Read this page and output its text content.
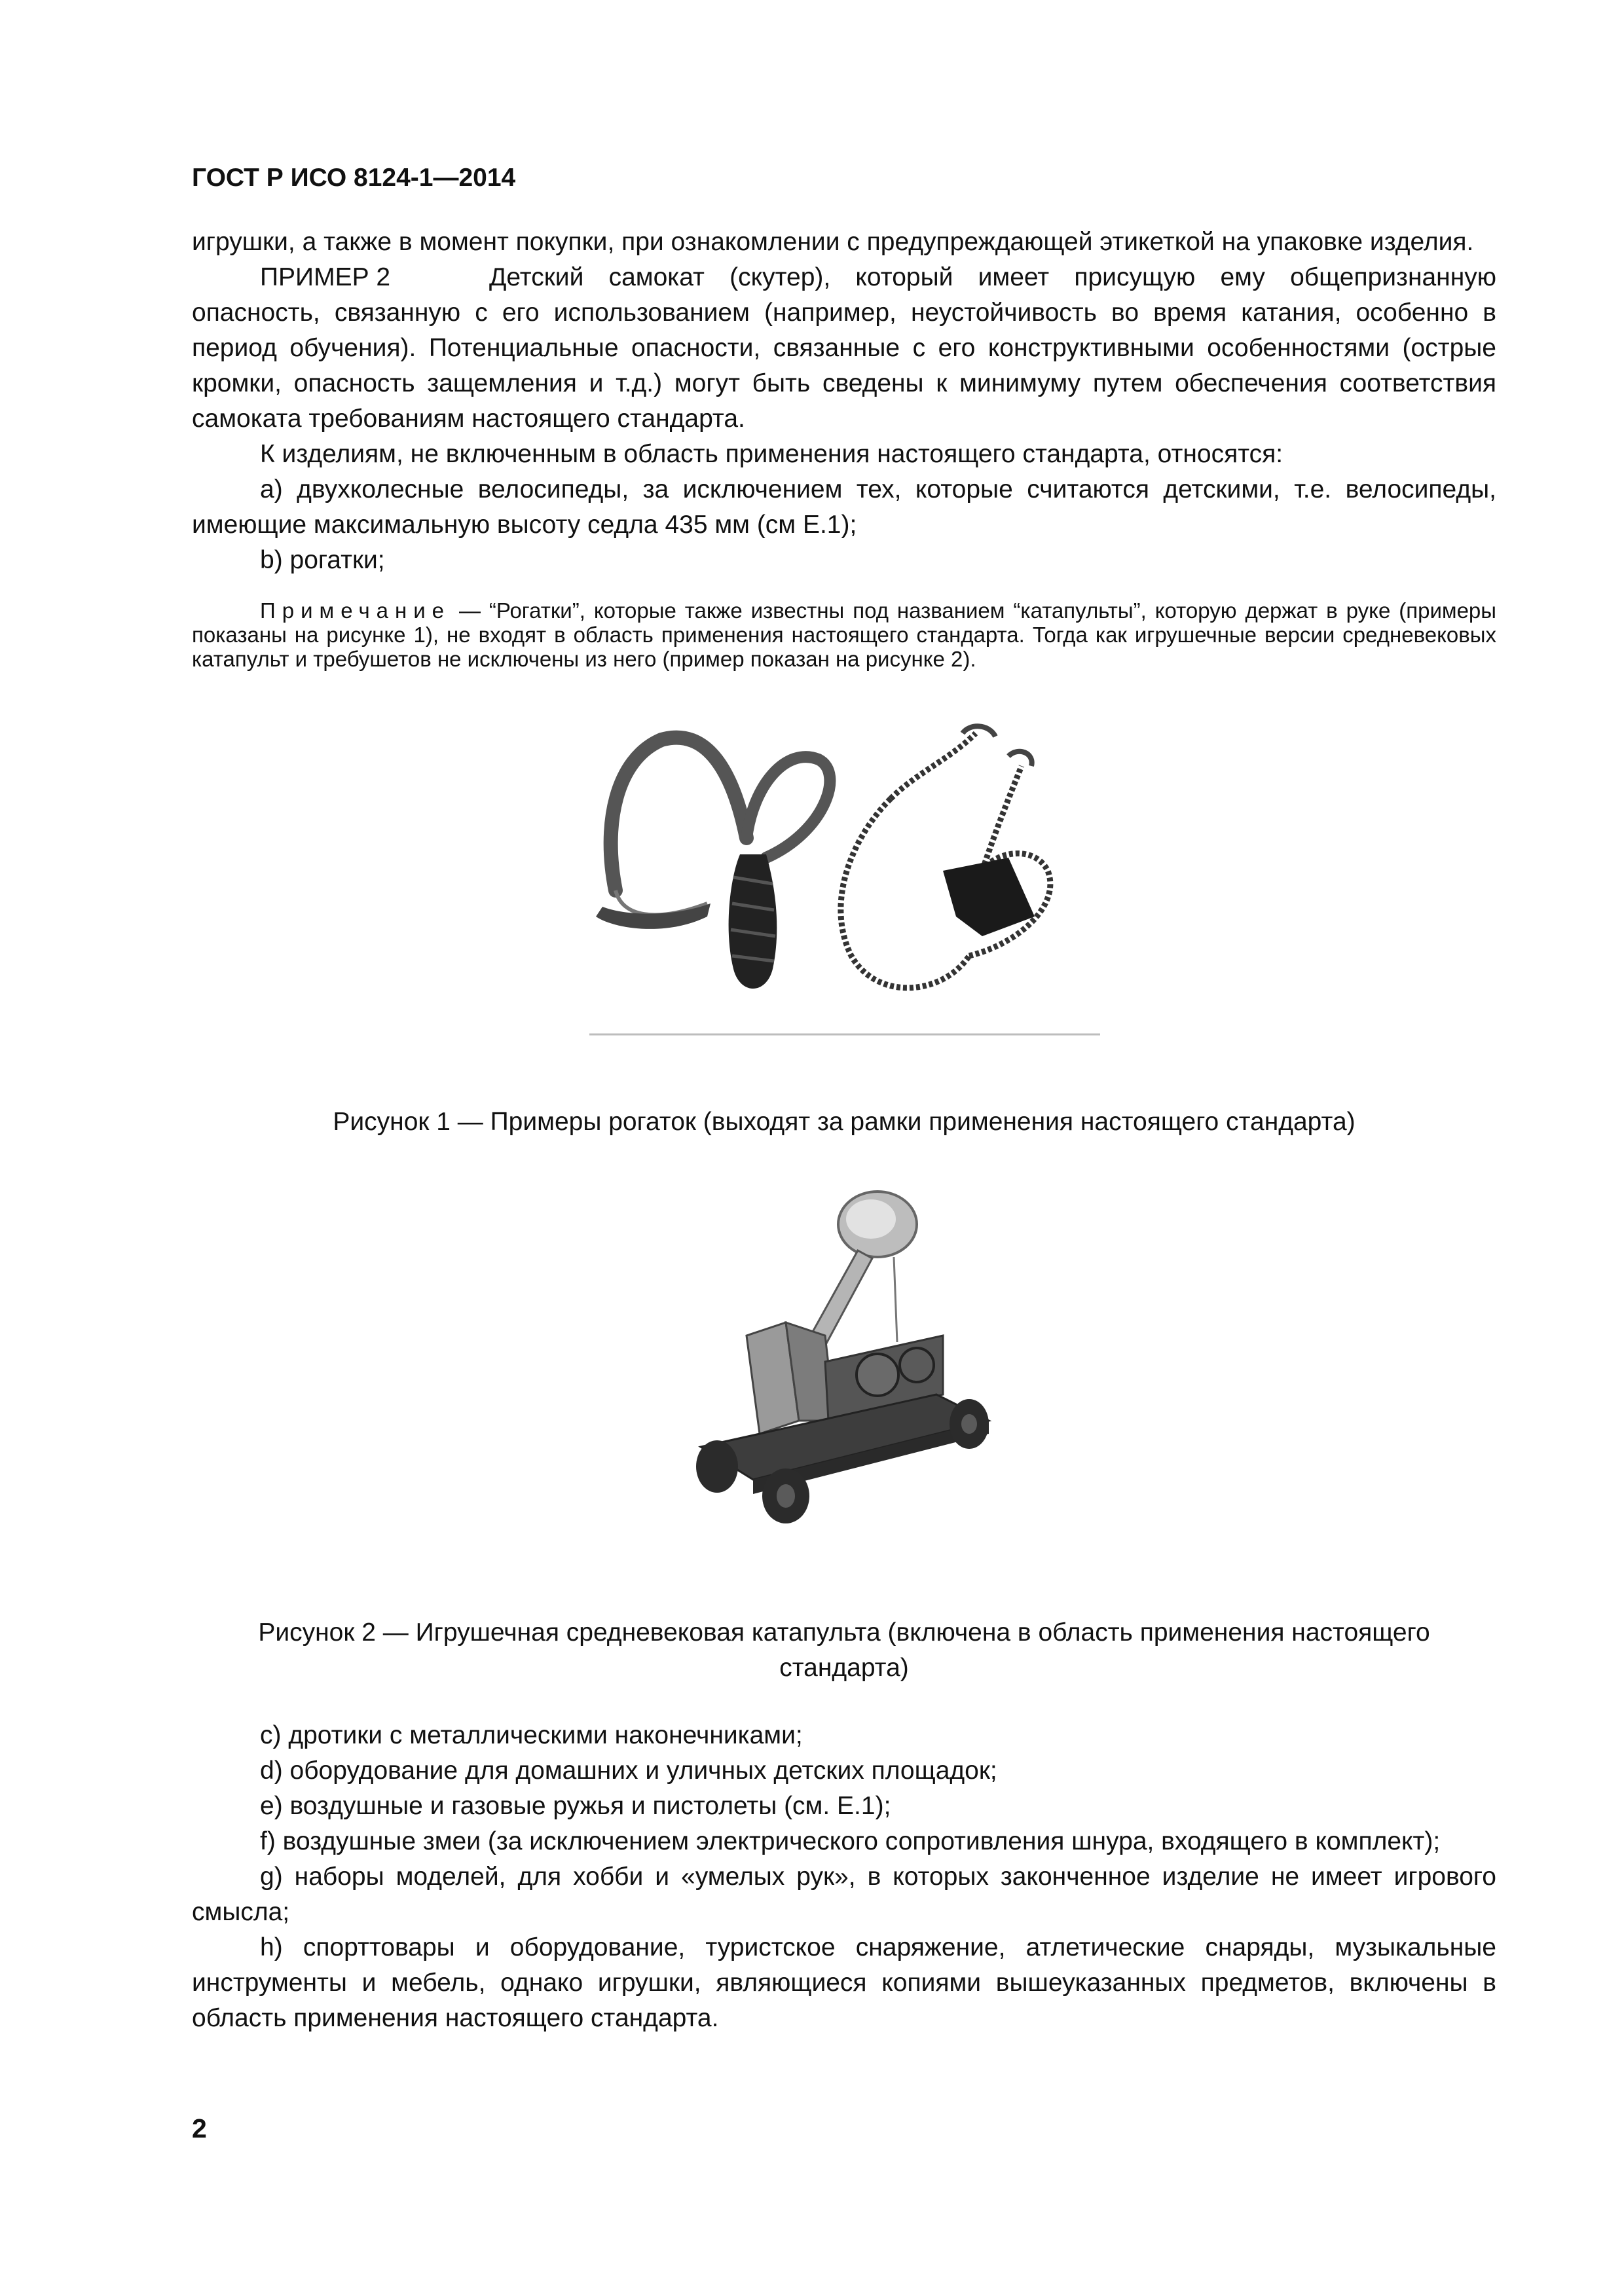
ГОСТ Р ИСО 8124-1—2014

игрушки, а также в момент покупки, при ознакомлении с предупреждающей этикеткой на упаковке изделия.

ПРИМЕР 2	Детский самокат (скутер), который имеет присущую ему общепризнанную опасность, связанную с его использованием (например, неустойчивость во время катания, особенно в период обучения). Потенциальные опасности, связанные с его конструктивными особенностями (острые кромки, опасность защемления и т.д.) могут быть сведены к минимуму путем обеспечения соответствия самоката требованиям настоящего стандарта.

К изделиям, не включенным в область применения настоящего стандарта, относятся:

a) двухколесные велосипеды, за исключением тех, которые считаются детскими, т.е. велосипеды, имеющие максимальную высоту седла 435 мм (см Е.1);

b) рогатки;

Примечание — “Рогатки”, которые также известны под названием “катапульты”, которую держат в руке (примеры показаны на рисунке 1), не входят в область применения настоящего стандарта. Тогда как игрушечные версии средневековых катапульт и требушетов не исключены из него (пример показан на рисунке 2).

Рисунок 1 — Примеры рогаток (выходят за рамки применения настоящего стандарта)
Рисунок 2 — Игрушечная средневековая катапульта (включена в область применения настоящего стандарта)

c) дротики с металлическими наконечниками;

d) оборудование для домашних и уличных детских площадок;

e) воздушные и газовые ружья и пистолеты (см. Е.1);

f) воздушные змеи (за исключением электрического сопротивления шнура, входящего в комплект);

g) наборы моделей, для хобби и «умелых рук», в которых законченное изделие не имеет игрового смысла;

h) спорттовары и оборудование, туристское снаряжение, атлетические снаряды, музыкальные инструменты и мебель, однако игрушки, являющиеся копиями вышеуказанных предметов, включены в область применения настоящего стандарта.

2
